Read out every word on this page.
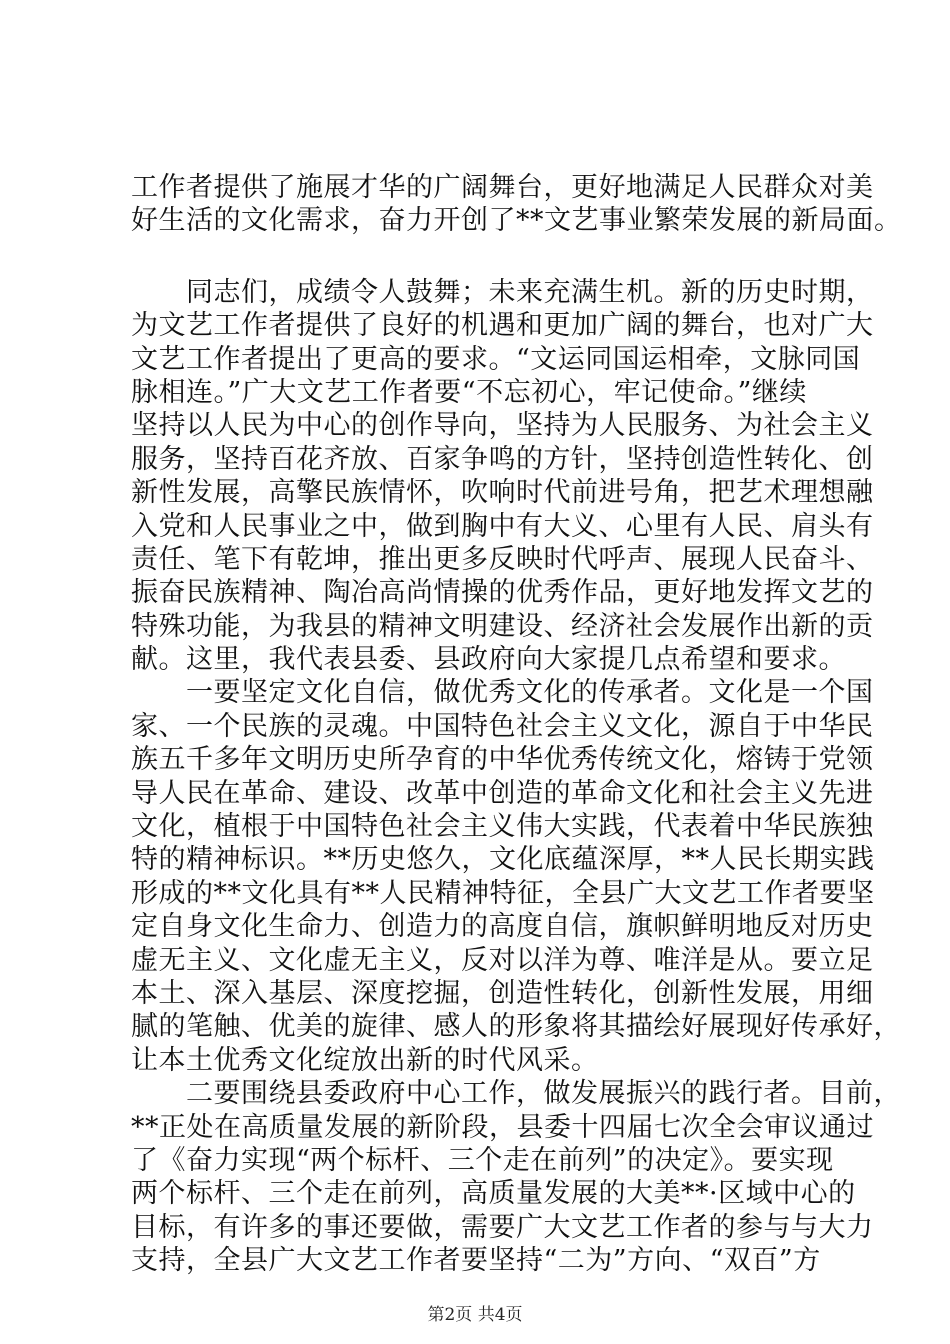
工作者提供了施展才华的广阔舞台，更好地满足人民群众对美
好生活的文化需求，奋力开创了**文艺事业繁荣发展的新局面。
　　同志们，成绩令人鼓舞；未来充满生机。新的历史时期，
为文艺工作者提供了良好的机遇和更加广阔的舞台，也对广大
文艺工作者提出了更高的要求。“文运同国运相牵，文脉同国
脉相连。”广大文艺工作者要“不忘初心，牢记使命。”继续
坚持以人民为中心的创作导向，坚持为人民服务、为社会主义
服务，坚持百花齐放、百家争鸣的方针，坚持创造性转化、创
新性发展，高擎民族情怀，吹响时代前进号角，把艺术理想融
入党和人民事业之中，做到胸中有大义、心里有人民、肩头有
责任、笔下有乾坤，推出更多反映时代呼声、展现人民奋斗、
振奋民族精神、陶冶高尚情操的优秀作品，更好地发挥文艺的
特殊功能，为我县的精神文明建设、经济社会发展作出新的贡
献。这里，我代表县委、县政府向大家提几点希望和要求。
　　一要坚定文化自信，做优秀文化的传承者。文化是一个国
家、一个民族的灵魂。中国特色社会主义文化，源自于中华民
族五千多年文明历史所孕育的中华优秀传统文化，熔铸于党领
导人民在革命、建设、改革中创造的革命文化和社会主义先进
文化，植根于中国特色社会主义伟大实践，代表着中华民族独
特的精神标识。**历史悠久，文化底蕴深厚，**人民长期实践
形成的**文化具有**人民精神特征，全县广大文艺工作者要坚
定自身文化生命力、创造力的高度自信，旗帜鲜明地反对历史
虚无主义、文化虚无主义，反对以洋为尊、唯洋是从。要立足
本土、深入基层、深度挖掘，创造性转化，创新性发展，用细
腻的笔触、优美的旋律、感人的形象将其描绘好展现好传承好，
让本土优秀文化绽放出新的时代风采。
　　二要围绕县委政府中心工作，做发展振兴的践行者。目前，
**正处在高质量发展的新阶段，县委十四届七次全会审议通过
了《奋力实现“两个标杆、三个走在前列”的决定》。要实现
两个标杆、三个走在前列，高质量发展的大美**·区域中心的
目标，有许多的事还要做，需要广大文艺工作者的参与与大力
支持，全县广大文艺工作者要坚持“二为”方向、“双百”方
第2页 共4页
